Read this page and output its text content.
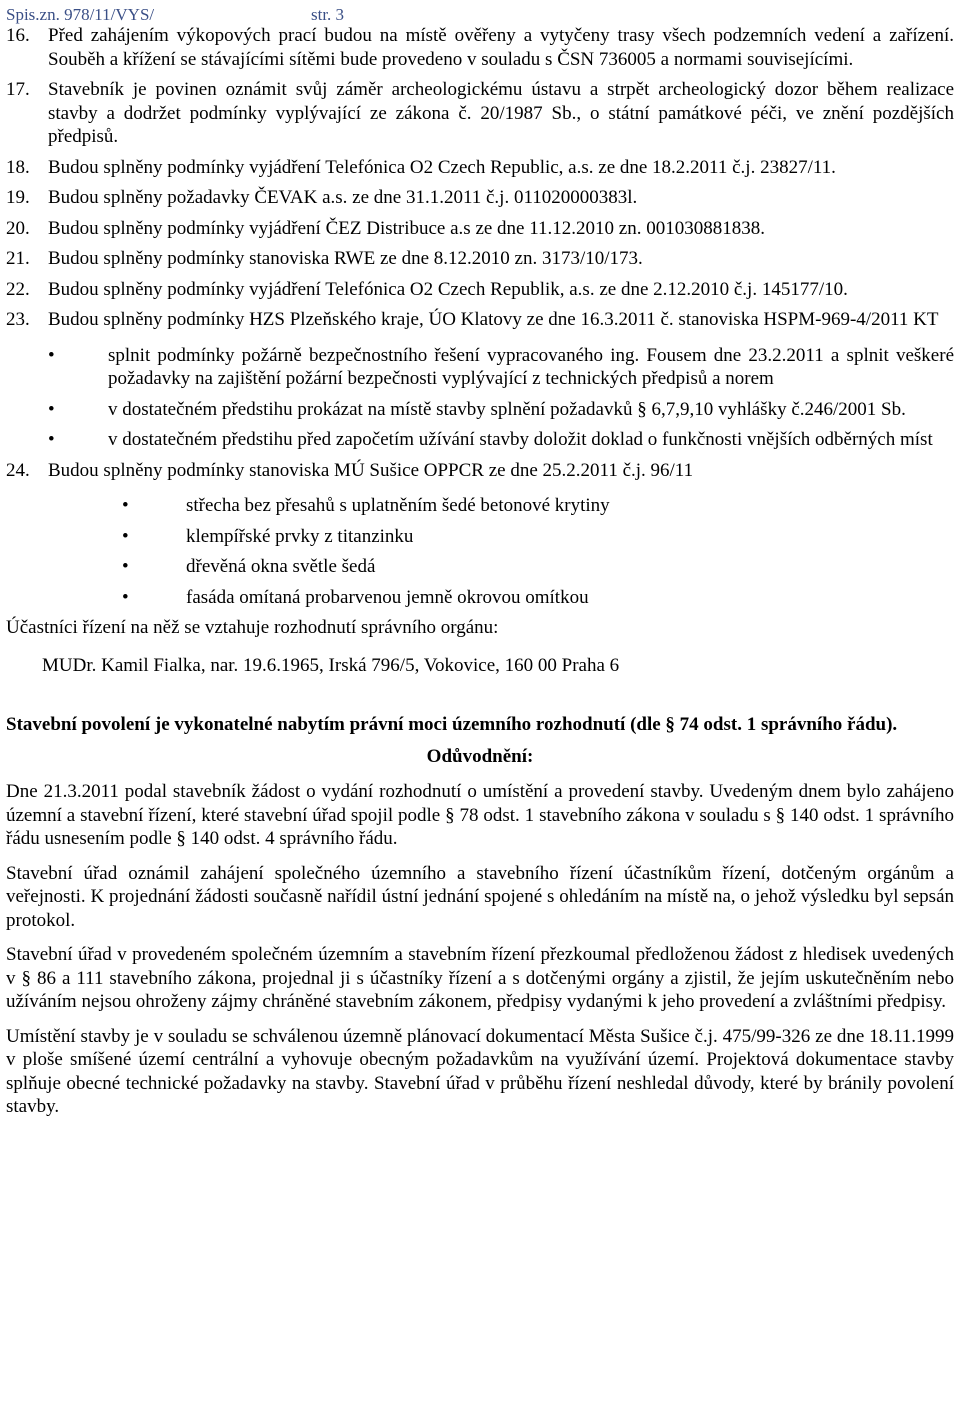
Spis.zn. 978/11/VYS/	str. 3
16. Před zahájením výkopových prací budou na místě ověřeny a vytyčeny trasy všech podzemních vedení a zařízení. Souběh a křížení se stávajícími sítěmi bude provedeno v souladu s ČSN 736005 a normami souvisejícími.
17. Stavebník je povinen oznámit svůj záměr archeologickému ústavu a strpět archeologický dozor během realizace stavby a dodržet podmínky vyplývající ze zákona č. 20/1987 Sb., o státní památkové péči, ve znění pozdějších předpisů.
18. Budou splněny podmínky vyjádření Telefónica O2 Czech Republic, a.s. ze dne 18.2.2011 č.j. 23827/11.
19. Budou splněny požadavky ČEVAK a.s. ze dne 31.1.2011 č.j. 011020000383l.
20. Budou splněny podmínky vyjádření ČEZ Distribuce a.s ze dne 11.12.2010 zn. 001030881838.
21. Budou splněny podmínky stanoviska RWE ze dne 8.12.2010 zn. 3173/10/173.
22. Budou splněny podmínky vyjádření Telefónica O2 Czech Republik, a.s. ze dne 2.12.2010 č.j. 145177/10.
23. Budou splněny podmínky HZS Plzeňského kraje, ÚO Klatovy ze dne 16.3.2011 č. stanoviska HSPM-969-4/2011 KT
•	splnit podmínky požárně bezpečnostního řešení vypracovaného ing. Fousem dne 23.2.2011 a splnit veškeré požadavky na zajištění požární bezpečnosti vyplývající z technických předpisů a norem
•	v dostatečném předstihu prokázat na místě stavby splnění požadavků § 6,7,9,10 vyhlášky č.246/2001 Sb.
•	v dostatečném předstihu před započetím užívání stavby doložit doklad o funkčnosti vnějších odběrných míst
24. Budou splněny podmínky stanoviska MÚ Sušice OPPCR ze dne 25.2.2011 č.j. 96/11
•	střecha bez přesahů s uplatněním šedé betonové krytiny
•	klempířské prvky z titanzinku
•	dřevěná okna světle šedá
•	fasáda omítaná probarvenou jemně okrovou omítkou
Účastníci řízení na něž se vztahuje rozhodnutí správního orgánu:
MUDr. Kamil Fialka, nar. 19.6.1965, Irská 796/5, Vokovice, 160 00 Praha 6
Stavební povolení je vykonatelné nabytím právní moci územního rozhodnutí (dle § 74 odst. 1 správního řádu).
Odůvodnění:

Dne 21.3.2011 podal stavebník žádost o vydání rozhodnutí o umístění a provedení stavby. Uvedeným dnem bylo zahájeno územní a stavební řízení, které stavební úřad spojil podle § 78 odst. 1 stavebního zákona v souladu s § 140 odst. 1 správního řádu usnesením podle § 140 odst. 4 správního řádu.

Stavební úřad oznámil zahájení společného územního a stavebního řízení účastníkům řízení, dotčeným orgánům a veřejnosti. K projednání žádosti současně nařídil ústní jednání spojené s ohledáním na místě na, o jehož výsledku byl sepsán protokol.

Stavební úřad v provedeném společném územním a stavebním řízení přezkoumal předloženou žádost z hledisek uvedených v § 86 a 111 stavebního zákona, projednal ji s účastníky řízení a s dotčenými orgány a zjistil, že jejím uskutečněním nebo užíváním nejsou ohroženy zájmy chráněné stavebním zákonem, předpisy vydanými k jeho provedení a zvláštními předpisy.

Umístění stavby je v souladu se schválenou územně plánovací dokumentací Města Sušice č.j. 475/99-326 ze dne 18.11.1999 v ploše smíšené území centrální a vyhovuje obecným požadavkům na využívání území. Projektová dokumentace stavby splňuje obecné technické požadavky na stavby. Stavební úřad v průběhu řízení neshledal důvody, které by bránily povolení stavby.
